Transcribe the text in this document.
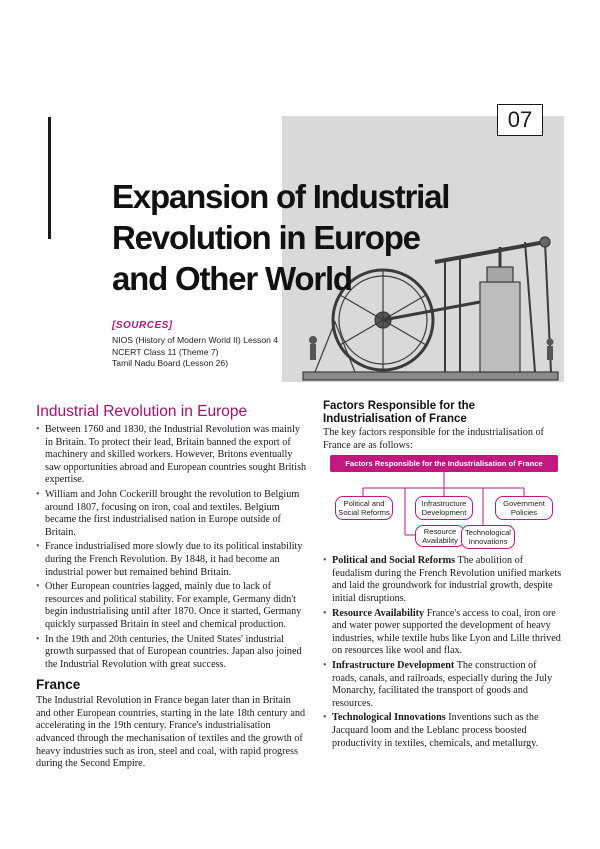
07
Expansion of Industrial
Revolution in Europe
and Other World
[SOURCES]
NIOS (History of Modern World II) Lesson 4
NCERT Class 11 (Theme 7)
Tamil Nadu Board (Lesson 26)
Industrial Revolution in Europe
• Between 1760 and 1830, the Industrial Revolution was mainly in Britain. To protect their lead, Britain banned the export of machinery and skilled workers. However, Britons eventually saw opportunities abroad and European countries sought British expertise.
• William and John Cockerill brought the revolution to Belgium around 1807, focusing on iron, coal and textiles. Belgium became the first industrialised nation in Europe outside of Britain.
• France industrialised more slowly due to its political instability during the French Revolution. By 1848, it had become an industrial power but remained behind Britain.
• Other European countries lagged, mainly due to lack of resources and political stability. For example, Germany didn't begin industrialising until after 1870. Once it started, Germany quickly surpassed Britain in steel and chemical production.
• In the 19th and 20th centuries, the United States' industrial growth surpassed that of European countries. Japan also joined the Industrial Revolution with great success.
France

The Industrial Revolution in France began later than in Britain and other European countries, starting in the late 18th century and accelerating in the 19th century. France's industrialisation advanced through the mechanisation of textiles and the growth of heavy industries such as iron, steel and coal, with rapid progress during the Second Empire.

Factors Responsible for the
Industrialisation of France

The key factors responsible for the industrialisation of France are as follows:

Factors Responsible for the Industrialisation of France
Political and Social Reforms
Infrastructure Development
Government Policies
Resource Availability
Technological Innovations
• Political and Social Reforms The abolition of feudalism during the French Revolution unified markets and laid the groundwork for industrial growth, despite initial disruptions.
• Resource Availability France's access to coal, iron ore and water power supported the development of heavy industries, while textile hubs like Lyon and Lille thrived on resources like wool and flax.
• Infrastructure Development The construction of roads, canals, and railroads, especially during the July Monarchy, facilitated the transport of goods and resources.
• Technological Innovations Inventions such as the Jacquard loom and the Leblanc process boosted productivity in textiles, chemicals, and metallurgy.
